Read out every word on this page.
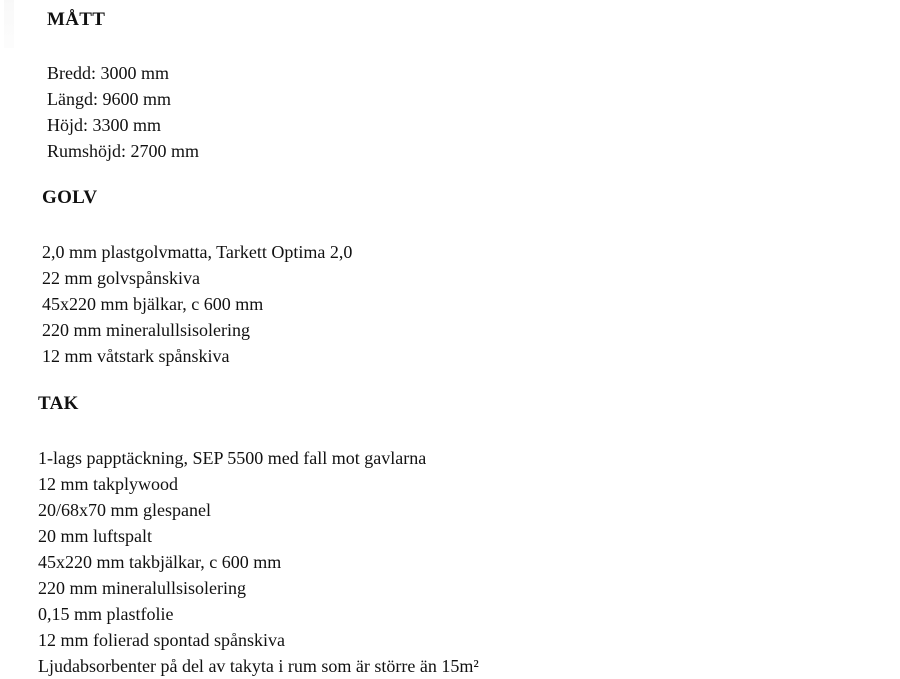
MÅTT
Bredd: 3000 mm
Längd: 9600 mm
Höjd: 3300 mm
Rumshöjd: 2700 mm
GOLV
2,0 mm plastgolvmatta, Tarkett Optima 2,0
22 mm golvspånskiva
45x220 mm bjälkar, c 600 mm
220 mm mineralullsisolering
12 mm våtstark spånskiva
TAK
1-lags papptäckning, SEP 5500 med fall mot gavlarna
12 mm takplywood
20/68x70 mm glespanel
20 mm luftspalt
45x220 mm takbjälkar, c 600 mm
220 mm mineralullsisolering
0,15 mm plastfolie
12 mm folierad spontad spånskiva
Ljudabsorbenter på del av takyta i rum som är större än 15m²
